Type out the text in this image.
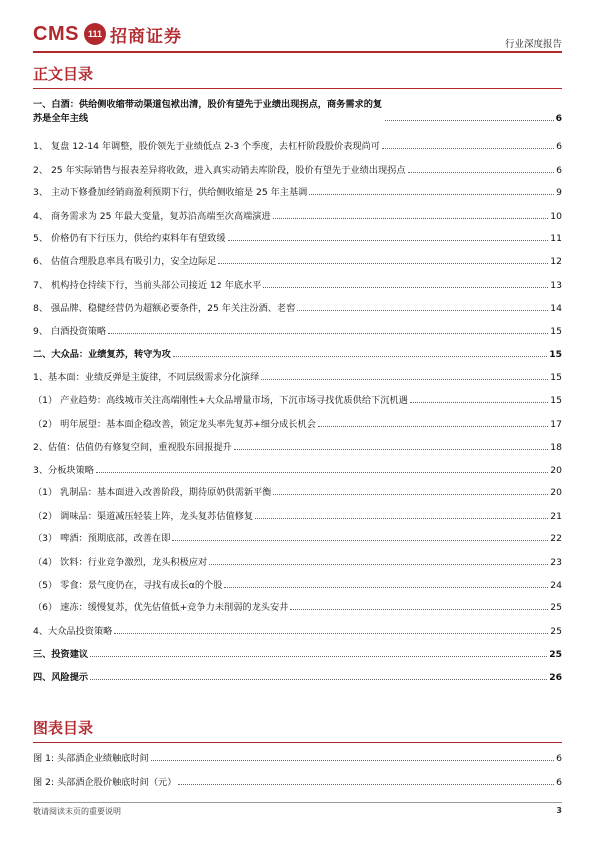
CMS 111 招商证券	行业深度报告
正文目录
一、白酒：供给侧收缩带动渠道包袱出清，股价有望先于业绩出现拐点，商务需求的复苏是全年主线	6
1、 复盘 12-14 年调整，股价领先于业绩低点 2-3 个季度，去杠杆阶段股价表现尚可	6
2、 25 年实际销售与报表差异将收敛，进入真实动销去库阶段，股价有望先于业绩出现拐点	6
3、 主动下修叠加经销商盈利预期下行，供给侧收缩是 25 年主基调	9
4、 商务需求为 25 年最大变量，复苏沿高端至次高端演进	10
5、 价格仍有下行压力，供给约束料年有望致缓	11
6、 估值合理股息率具有吸引力，安全边际足	12
7、 机构持仓持续下行，当前头部公司接近 12 年底水平	13
8、 强品牌、稳健经营仍为超额必要条件，25 年关注汾酒、老窖	14
9、 白酒投资策略	15
二、大众品：业绩复苏，转守为攻	15
1、基本面：业绩反弹是主旋律，不同层级需求分化演绎	15
（1） 产业趋势：高线城市关注高端刚性+大众品增量市场，下沉市场寻找优质供给下沉机遇	15
（2） 明年展望：基本面企稳改善，锁定龙头率先复苏+细分成长机会	17
2、估值：估值仍有修复空间，重视股东回报提升	18
3、分板块策略	20
（1） 乳制品：基本面进入改善阶段，期待原奶供需新平衡	20
（2） 调味品：渠道减压轻装上阵，龙头复苏估值修复	21
（3） 啤酒：预期底部，改善在即	22
（4） 饮料：行业竞争激烈，龙头积极应对	23
（5） 零食：景气度仍在，寻找有成长α的个股	24
（6） 速冻：缓慢复苏，优先估值低+竞争力未削弱的龙头安井	25
4、大众品投资策略	25
三、投资建议	25
四、风险提示	26
图表目录
图 1: 头部酒企业绩触底时间	6
图 2: 头部酒企股价触底时间（元）	6
敬请阅读末页的重要说明	3
